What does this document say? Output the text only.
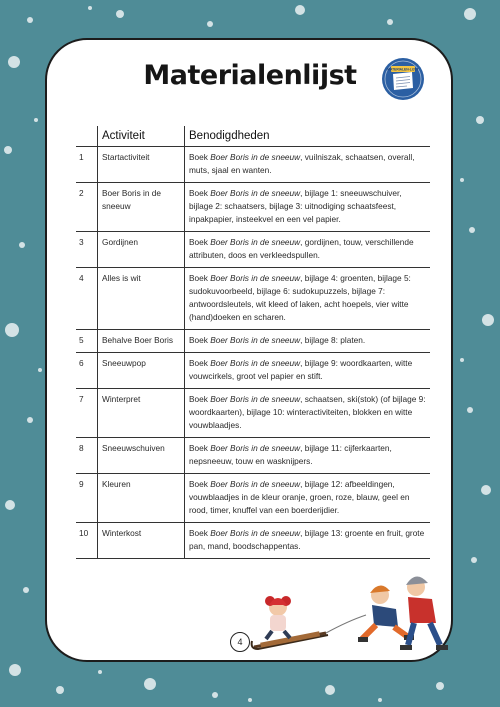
Materialenlijst	MATERIALEN-LIJST
	Activiteit	Benodigdheden
1	Startactiviteit	Boek Boer Boris in de sneeuw, vuilniszak, schaatsen, overall, muts, sjaal en wanten.
2	Boer Boris in de sneeuw	Boek Boer Boris in de sneeuw, bijlage 1: sneeuwschuiver, bijlage 2: schaatsers, bijlage 3: uitnodiging schaatsfeest, inpakpapier, insteekvel en een vel papier.
3	Gordijnen	Boek Boer Boris in de sneeuw, gordijnen, touw, verschillende attributen, doos en verkleedspullen.
4	Alles is wit	Boek Boer Boris in de sneeuw, bijlage 4: groenten, bijlage 5: sudokuvoorbeeld, bijlage 6: sudokupuzzels, bijlage 7: antwoordsleutels, wit kleed of laken, acht hoepels, vier witte (hand)doeken en scharen.
5	Behalve Boer Boris	Boek Boer Boris in de sneeuw, bijlage 8: platen.
6	Sneeuwpop	Boek Boer Boris in de sneeuw, bijlage 9: woordkaarten, witte vouwcirkels, groot vel papier en stift.
7	Winterpret	Boek Boer Boris in de sneeuw, schaatsen, ski(stok) (of bijlage 9: woordkaarten), bijlage 10: winteractiviteiten, blokken en witte vouwblaadjes.
8	Sneeuwschuiven	Boek Boer Boris in de sneeuw, bijlage 11: cijferkaarten, nepsneeuw, touw en wasknijpers.
9	Kleuren	Boek Boer Boris in de sneeuw, bijlage 12: afbeeldingen, vouwblaadjes in de kleur oranje, groen, roze, blauw, geel en rood, timer, knuffel van een boerderijdier.
10	Winterkost	Boek Boer Boris in de sneeuw, bijlage 13: groente en fruit, grote pan, mand, boodschappentas.
4
